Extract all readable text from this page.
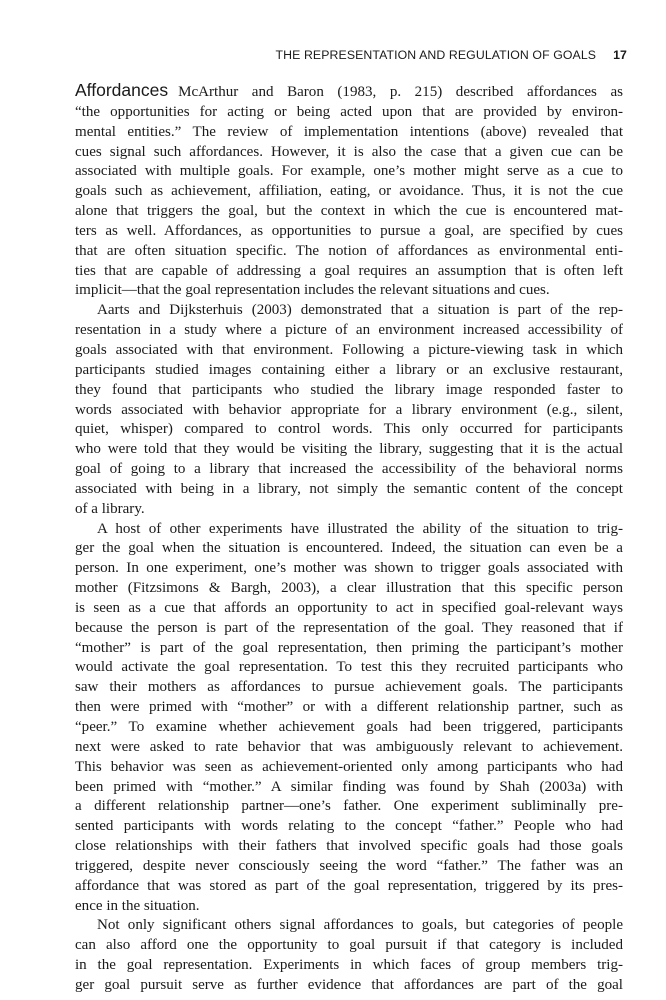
THE REPRESENTATION AND REGULATION OF GOALS 17
Affordances McArthur and Baron (1983, p. 215) described affordances as
“the opportunities for acting or being acted upon that are provided by environ-
mental entities.” The review of implementation intentions (above) revealed that
cues signal such affordances. However, it is also the case that a given cue can be
associated with multiple goals. For example, one’s mother might serve as a cue to
goals such as achievement, affiliation, eating, or avoidance. Thus, it is not the cue
alone that triggers the goal, but the context in which the cue is encountered mat-
ters as well. Affordances, as opportunities to pursue a goal, are specified by cues
that are often situation specific. The notion of affordances as environmental enti-
ties that are capable of addressing a goal requires an assumption that is often left
implicit—that the goal representation includes the relevant situations and cues.
Aarts and Dijksterhuis (2003) demonstrated that a situation is part of the rep-
resentation in a study where a picture of an environment increased accessibility of
goals associated with that environment. Following a picture-viewing task in which
participants studied images containing either a library or an exclusive restaurant,
they found that participants who studied the library image responded faster to
words associated with behavior appropriate for a library environment (e.g., silent,
quiet, whisper) compared to control words. This only occurred for participants
who were told that they would be visiting the library, suggesting that it is the actual
goal of going to a library that increased the accessibility of the behavioral norms
associated with being in a library, not simply the semantic content of the concept
of a library.
A host of other experiments have illustrated the ability of the situation to trig-
ger the goal when the situation is encountered. Indeed, the situation can even be a
person. In one experiment, one’s mother was shown to trigger goals associated with
mother (Fitzsimons & Bargh, 2003), a clear illustration that this specific person
is seen as a cue that affords an opportunity to act in specified goal-relevant ways
because the person is part of the representation of the goal. They reasoned that if
“mother” is part of the goal representation, then priming the participant’s mother
would activate the goal representation. To test this they recruited participants who
saw their mothers as affordances to pursue achievement goals. The participants
then were primed with “mother” or with a different relationship partner, such as
“peer.” To examine whether achievement goals had been triggered, participants
next were asked to rate behavior that was ambiguously relevant to achievement.
This behavior was seen as achievement-oriented only among participants who had
been primed with “mother.” A similar finding was found by Shah (2003a) with
a different relationship partner—one’s father. One experiment subliminally pre-
sented participants with words relating to the concept “father.” People who had
close relationships with their fathers that involved specific goals had those goals
triggered, despite never consciously seeing the word “father.” The father was an
affordance that was stored as part of the goal representation, triggered by its pres-
ence in the situation.
Not only significant others signal affordances to goals, but categories of people
can also afford one the opportunity to goal pursuit if that category is included
in the goal representation. Experiments in which faces of group members trig-
ger goal pursuit serve as further evidence that affordances are part of the goal
